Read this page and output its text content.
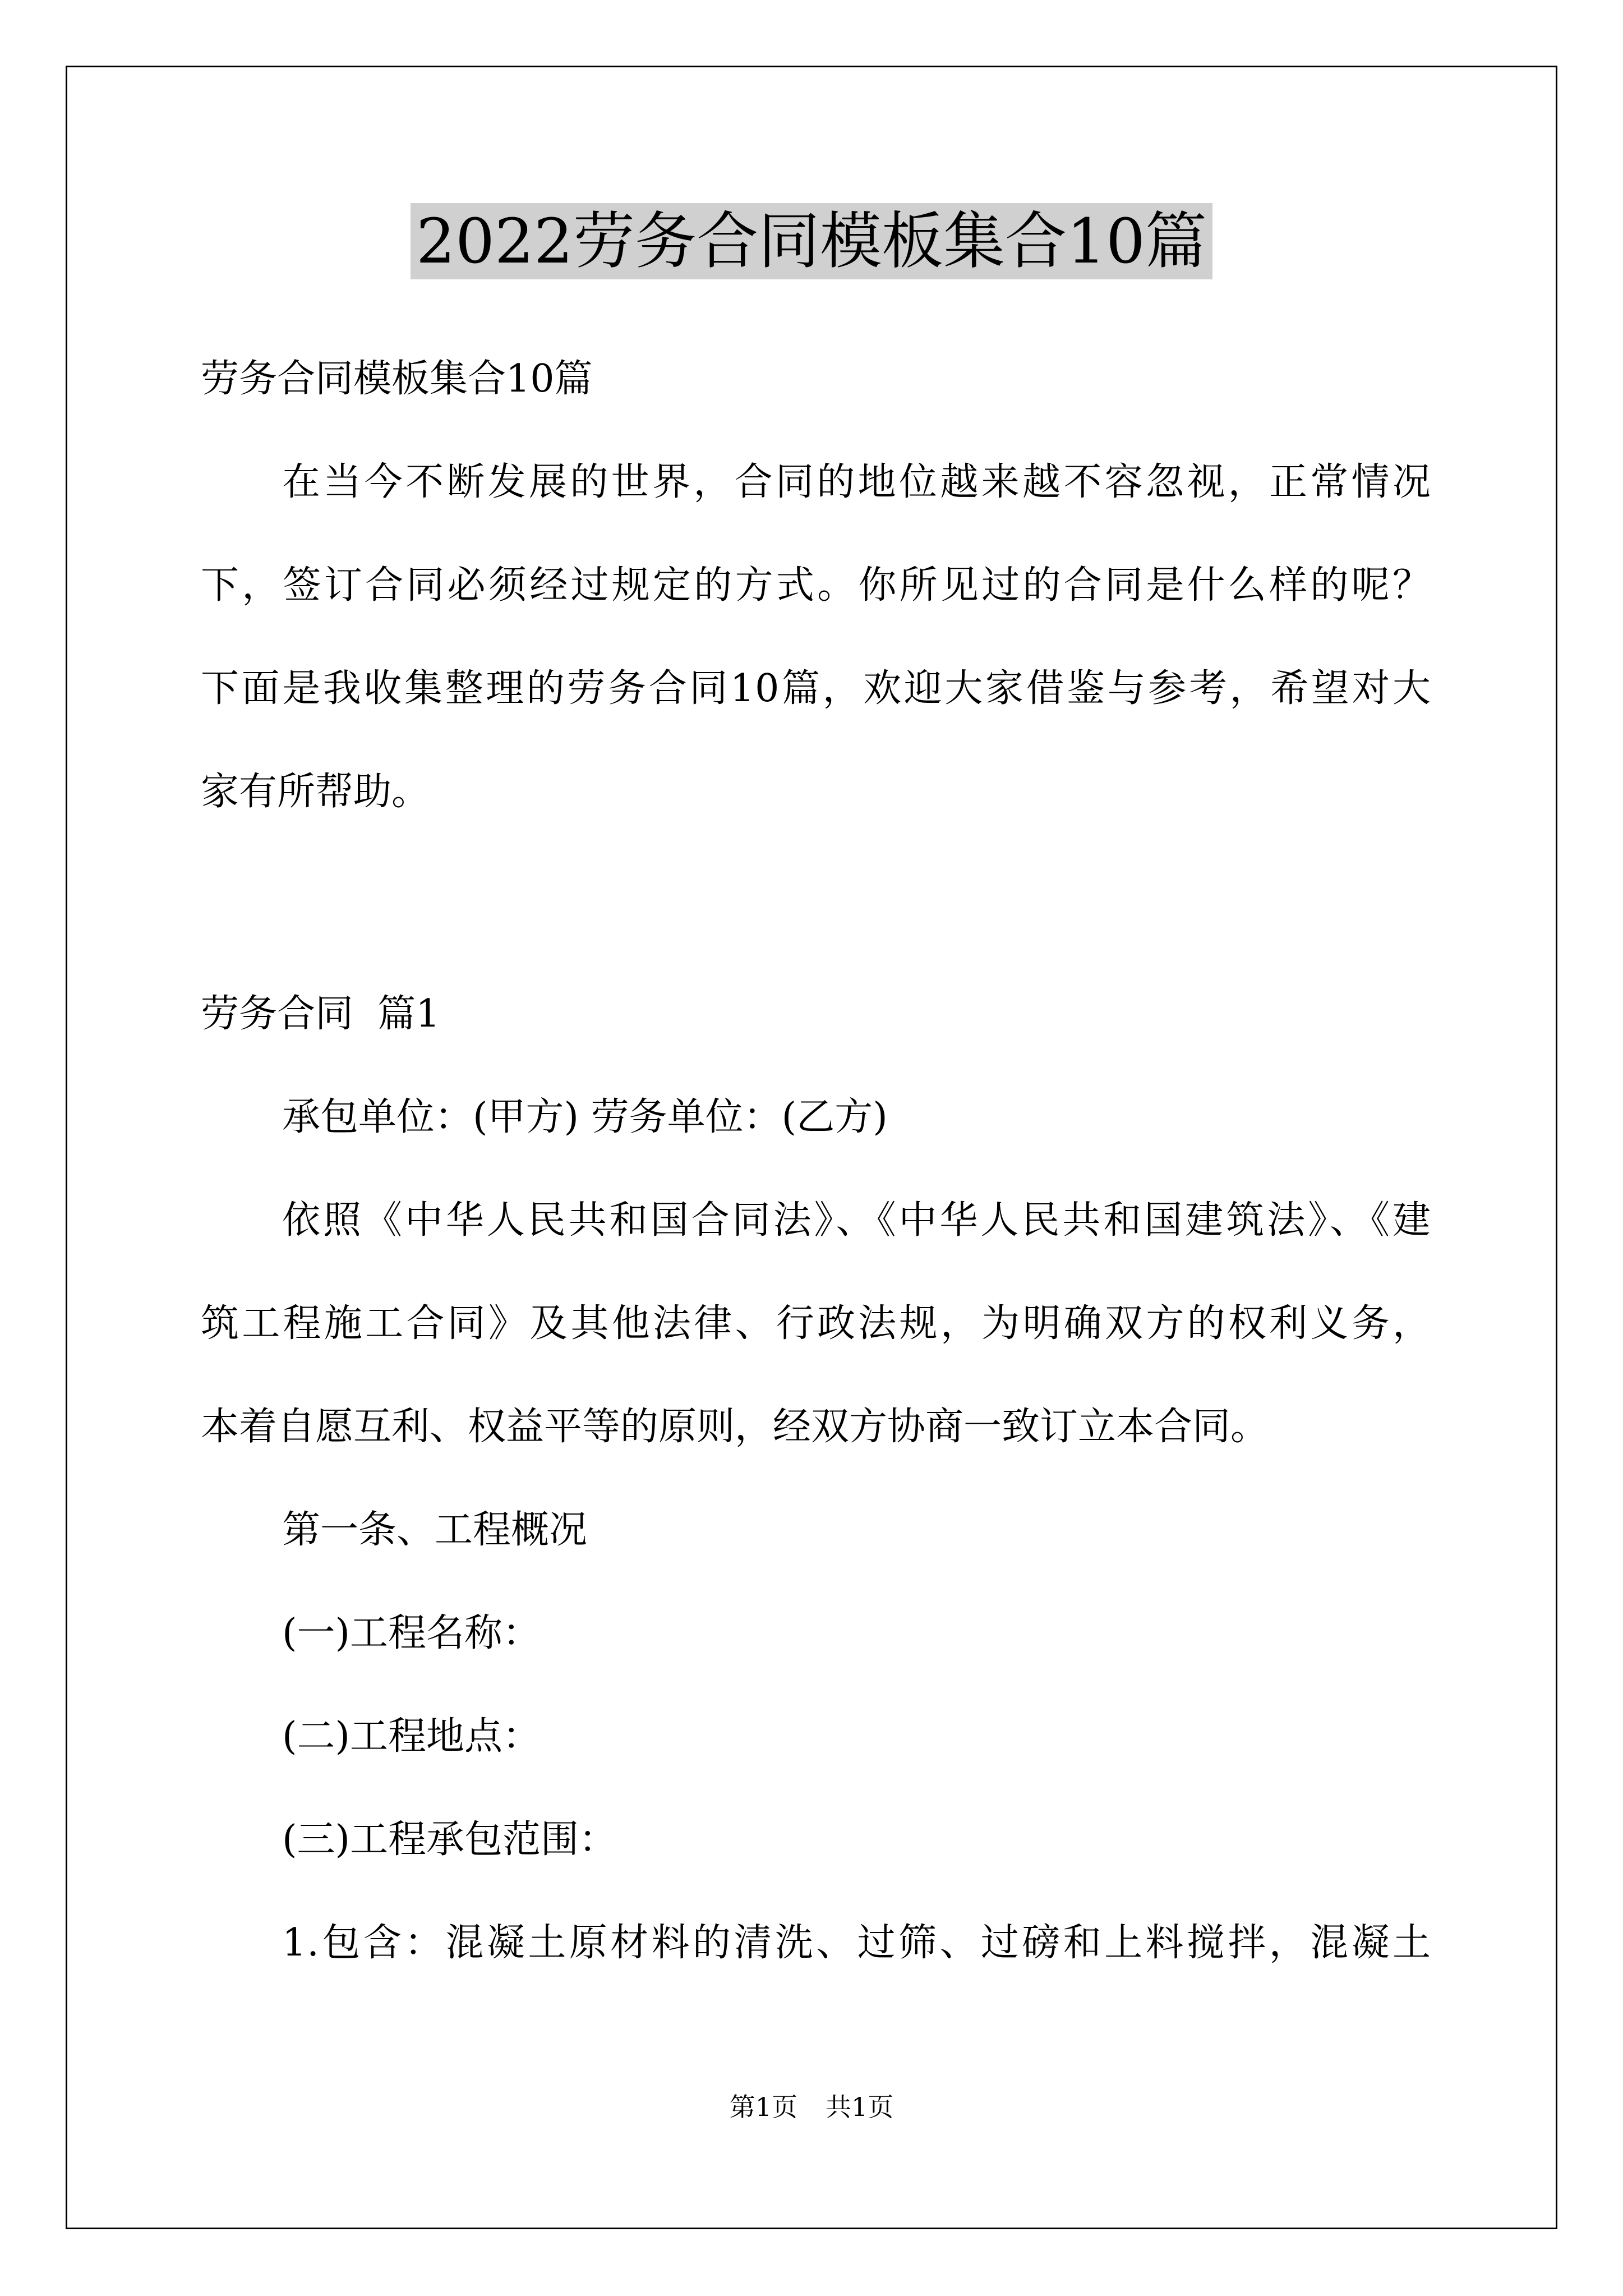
2022劳务合同模板集合10篇

劳务合同模板集合10篇

在当今不断发展的世界，合同的地位越来越不容忽视，正常情况

下，签订合同必须经过规定的方式。你所见过的合同是什么样的呢？

下面是我收集整理的劳务合同10篇，欢迎大家借鉴与参考，希望对大

家有所帮助。

劳务合同  篇1

承包单位：(甲方) 劳务单位：(乙方)

依照《中华人民共和国合同法》、《中华人民共和国建筑法》、《建

筑工程施工合同》及其他法律、行政法规，为明确双方的权利义务，

本着自愿互利、权益平等的原则，经双方协商一致订立本合同。

第一条、工程概况

(一)工程名称：

(二)工程地点：

(三)工程承包范围：

1.包含：混凝土原材料的清洗、过筛、过磅和上料搅拌，混凝土

第1页 共1页
